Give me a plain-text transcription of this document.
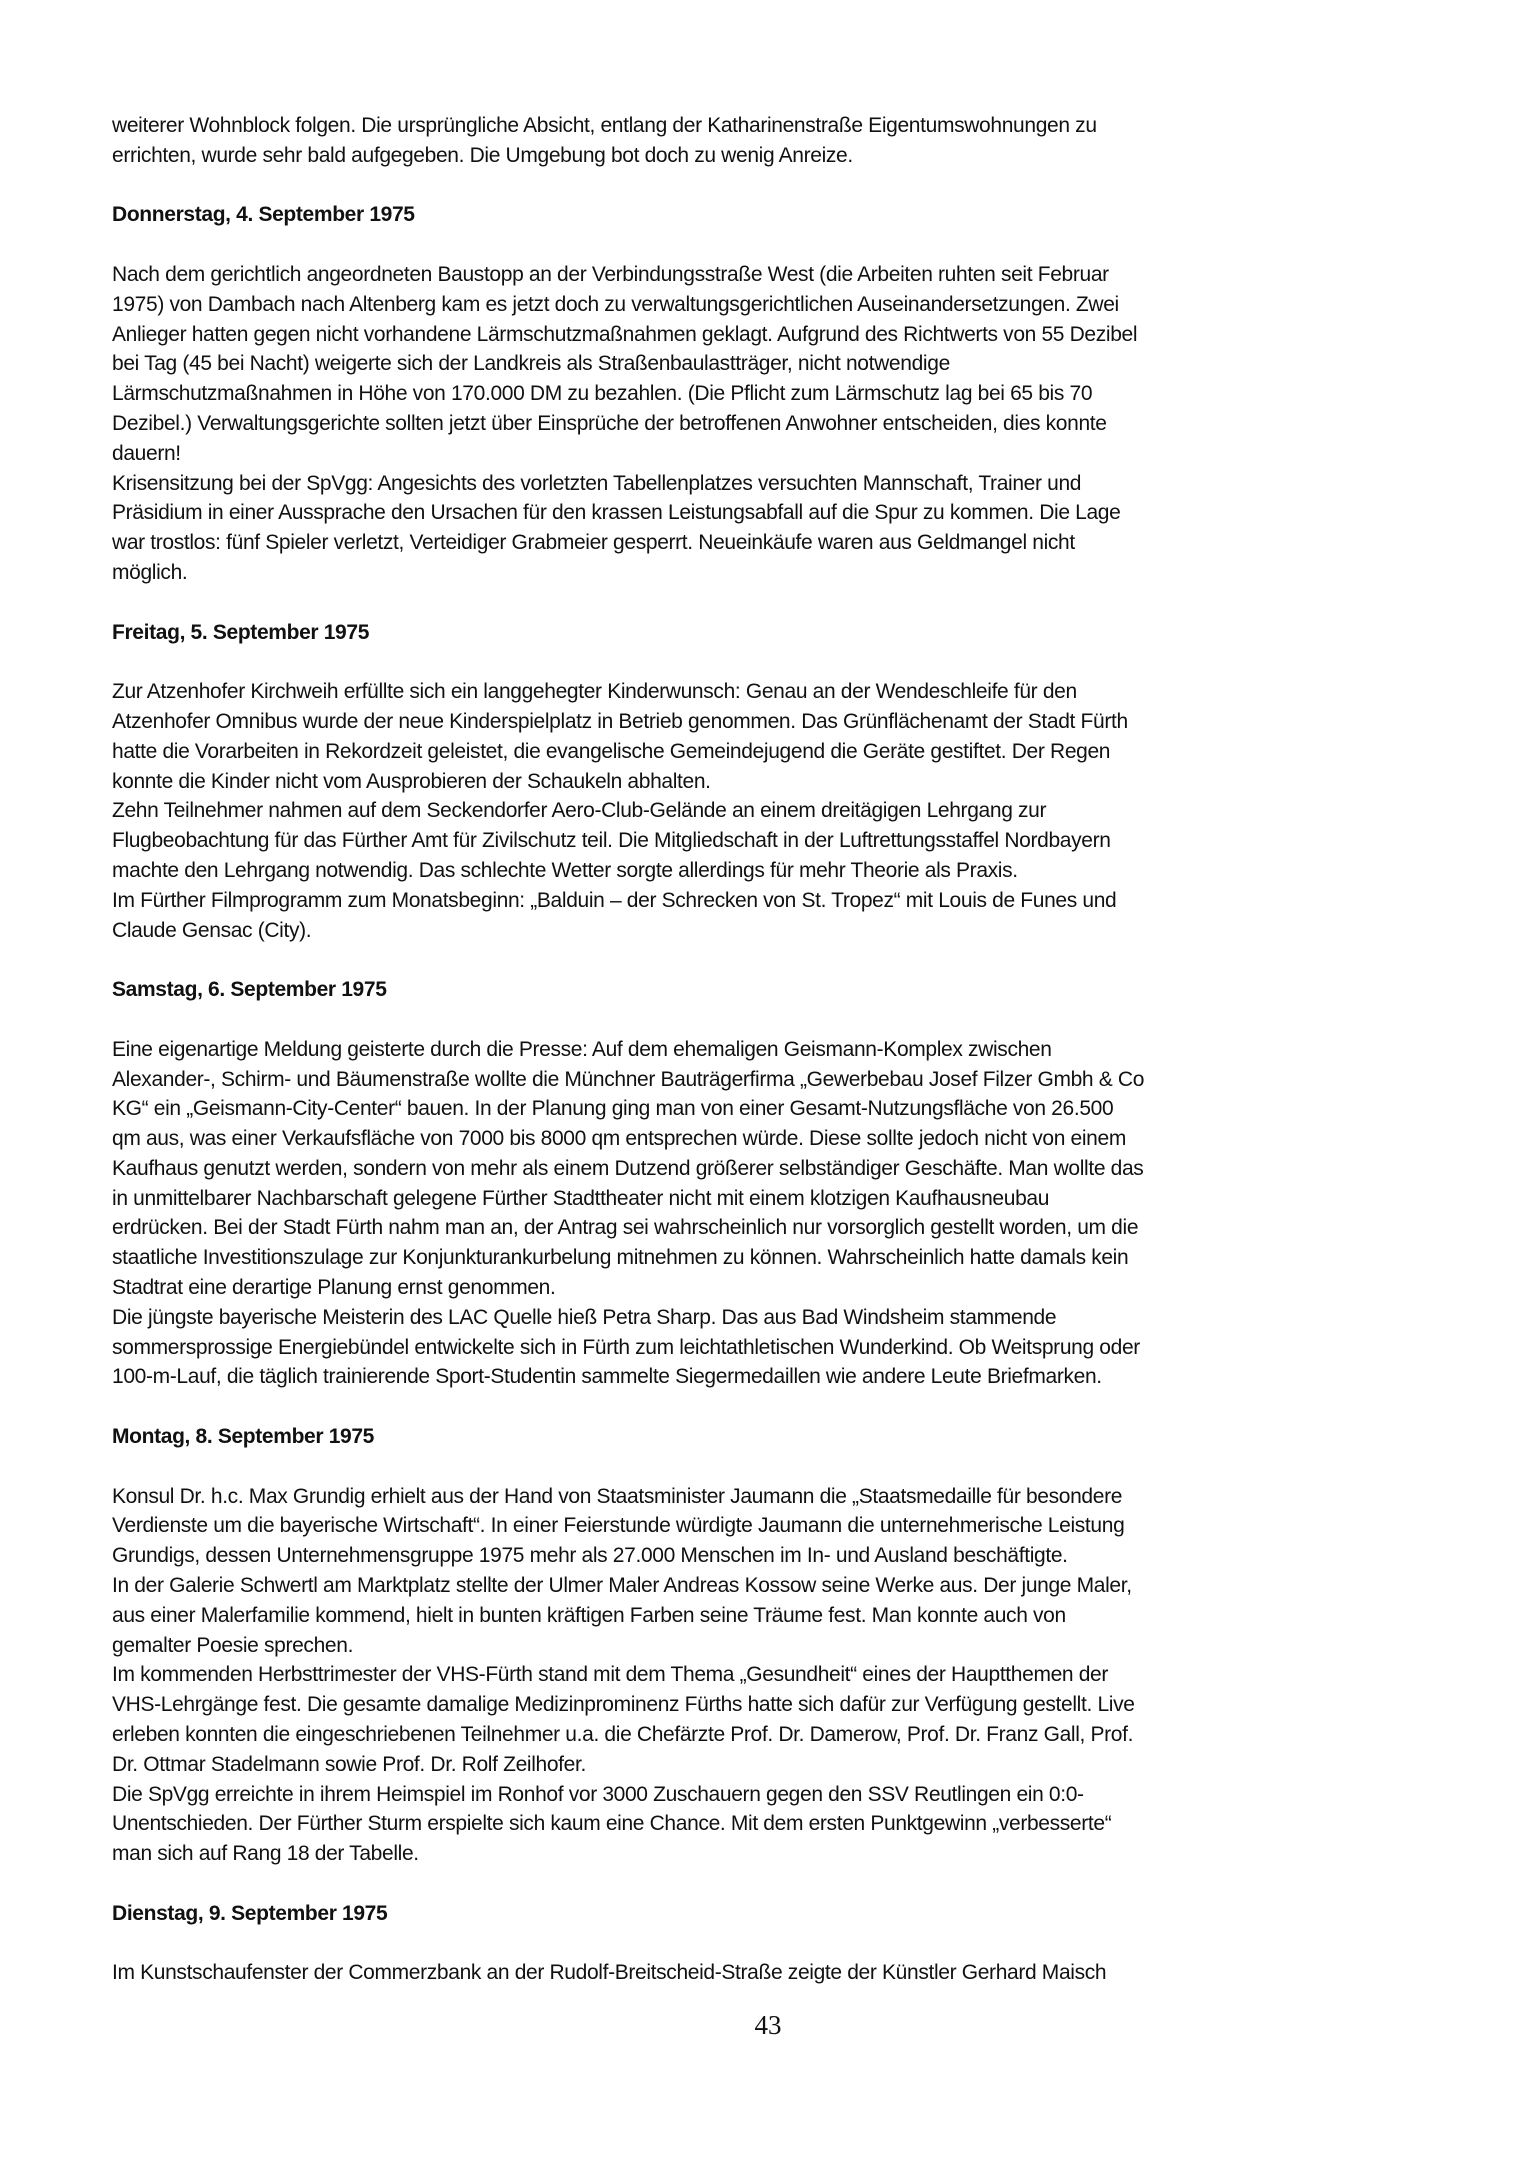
weiterer Wohnblock folgen. Die ursprüngliche Absicht, entlang der Katharinenstraße Eigentumswohnungen zu
errichten, wurde sehr bald aufgegeben. Die Umgebung bot doch zu wenig Anreize.
Donnerstag, 4. September 1975
Nach dem gerichtlich angeordneten Baustopp an der Verbindungsstraße West (die Arbeiten ruhten seit Februar
1975) von Dambach nach Altenberg kam es jetzt doch zu verwaltungsgerichtlichen Auseinandersetzungen. Zwei
Anlieger hatten gegen nicht vorhandene Lärmschutzmaßnahmen geklagt. Aufgrund des Richtwerts von 55 Dezibel
bei Tag (45 bei Nacht) weigerte sich der Landkreis als Straßenbaulastträger, nicht notwendige
Lärmschutzmaßnahmen in Höhe von 170.000 DM zu bezahlen. (Die Pflicht zum Lärmschutz lag bei 65 bis 70
Dezibel.) Verwaltungsgerichte sollten jetzt über Einsprüche der betroffenen Anwohner entscheiden, dies konnte
dauern!
Krisensitzung bei der SpVgg: Angesichts des vorletzten Tabellenplatzes versuchten Mannschaft, Trainer und
Präsidium in einer Aussprache den Ursachen für den krassen Leistungsabfall auf die Spur zu kommen. Die Lage
war trostlos: fünf Spieler verletzt, Verteidiger Grabmeier gesperrt. Neueinkäufe waren aus Geldmangel nicht
möglich.
Freitag, 5. September 1975
Zur Atzenhofer Kirchweih erfüllte sich ein langgehegter Kinderwunsch: Genau an der Wendeschleife für den
Atzenhofer Omnibus wurde der neue Kinderspielplatz in Betrieb genommen. Das Grünflächenamt der Stadt Fürth
hatte die Vorarbeiten in Rekordzeit geleistet, die evangelische Gemeindejugend die Geräte gestiftet. Der Regen
konnte die Kinder nicht vom Ausprobieren der Schaukeln abhalten.
Zehn Teilnehmer nahmen auf dem Seckendorfer Aero-Club-Gelände an einem dreitägigen Lehrgang zur
Flugbeobachtung für das Fürther Amt für Zivilschutz teil. Die Mitgliedschaft in der Luftrettungsstaffel Nordbayern
machte den Lehrgang notwendig. Das schlechte Wetter sorgte allerdings für mehr Theorie als Praxis.
Im Fürther Filmprogramm zum Monatsbeginn: „Balduin – der Schrecken von St. Tropez“ mit Louis de Funes und
Claude Gensac (City).
Samstag, 6. September 1975
Eine eigenartige Meldung geisterte durch die Presse: Auf dem ehemaligen Geismann-Komplex zwischen
Alexander-, Schirm- und Bäumenstraße wollte die Münchner Bauträgerfirma „Gewerbebau Josef Filzer Gmbh & Co
KG“ ein „Geismann-City-Center“ bauen. In der Planung ging man von einer Gesamt-Nutzungsfläche von 26.500
qm aus, was einer Verkaufsfläche von 7000 bis 8000 qm entsprechen würde. Diese sollte jedoch nicht von einem
Kaufhaus genutzt werden, sondern von mehr als einem Dutzend größerer selbständiger Geschäfte. Man wollte das
in unmittelbarer Nachbarschaft gelegene Fürther Stadttheater nicht mit einem klotzigen Kaufhausneubau
erdrücken. Bei der Stadt Fürth nahm man an, der Antrag sei wahrscheinlich nur vorsorglich gestellt worden, um die
staatliche Investitionszulage zur Konjunkturankurbelung mitnehmen zu können. Wahrscheinlich hatte damals kein
Stadtrat eine derartige Planung ernst genommen.
Die jüngste bayerische Meisterin des LAC Quelle hieß Petra Sharp. Das aus Bad Windsheim stammende
sommersprossige Energiebündel entwickelte sich in Fürth zum leichtathletischen Wunderkind. Ob Weitsprung oder
100-m-Lauf, die täglich trainierende Sport-Studentin sammelte Siegermedaillen wie andere Leute Briefmarken.
Montag, 8. September 1975
Konsul Dr. h.c. Max Grundig erhielt aus der Hand von Staatsminister Jaumann die „Staatsmedaille für besondere
Verdienste um die bayerische Wirtschaft“. In einer Feierstunde würdigte Jaumann die unternehmerische Leistung
Grundigs, dessen Unternehmensgruppe 1975 mehr als 27.000 Menschen im In- und Ausland beschäftigte.
In der Galerie Schwertl am Marktplatz stellte der Ulmer Maler Andreas Kossow seine Werke aus. Der junge Maler,
aus einer Malerfamilie kommend, hielt in bunten kräftigen Farben seine Träume fest. Man konnte auch von
gemalter Poesie sprechen.
Im kommenden Herbsttrimester der VHS-Fürth stand mit dem Thema „Gesundheit“ eines der Hauptthemen der
VHS-Lehrgänge fest. Die gesamte damalige Medizinprominenz Fürths hatte sich dafür zur Verfügung gestellt. Live
erleben konnten die eingeschriebenen Teilnehmer u.a. die Chefärzte Prof. Dr. Damerow, Prof. Dr. Franz Gall, Prof.
Dr. Ottmar Stadelmann sowie Prof. Dr. Rolf Zeilhofer.
Die SpVgg erreichte in ihrem Heimspiel im Ronhof vor 3000 Zuschauern gegen den SSV Reutlingen ein 0:0-
Unentschieden. Der Fürther Sturm erspielte sich kaum eine Chance. Mit dem ersten Punktgewinn „verbesserte“
man sich auf Rang 18 der Tabelle.
Dienstag, 9. September 1975
Im Kunstschaufenster der Commerzbank an der Rudolf-Breitscheid-Straße zeigte der Künstler Gerhard Maisch
43
